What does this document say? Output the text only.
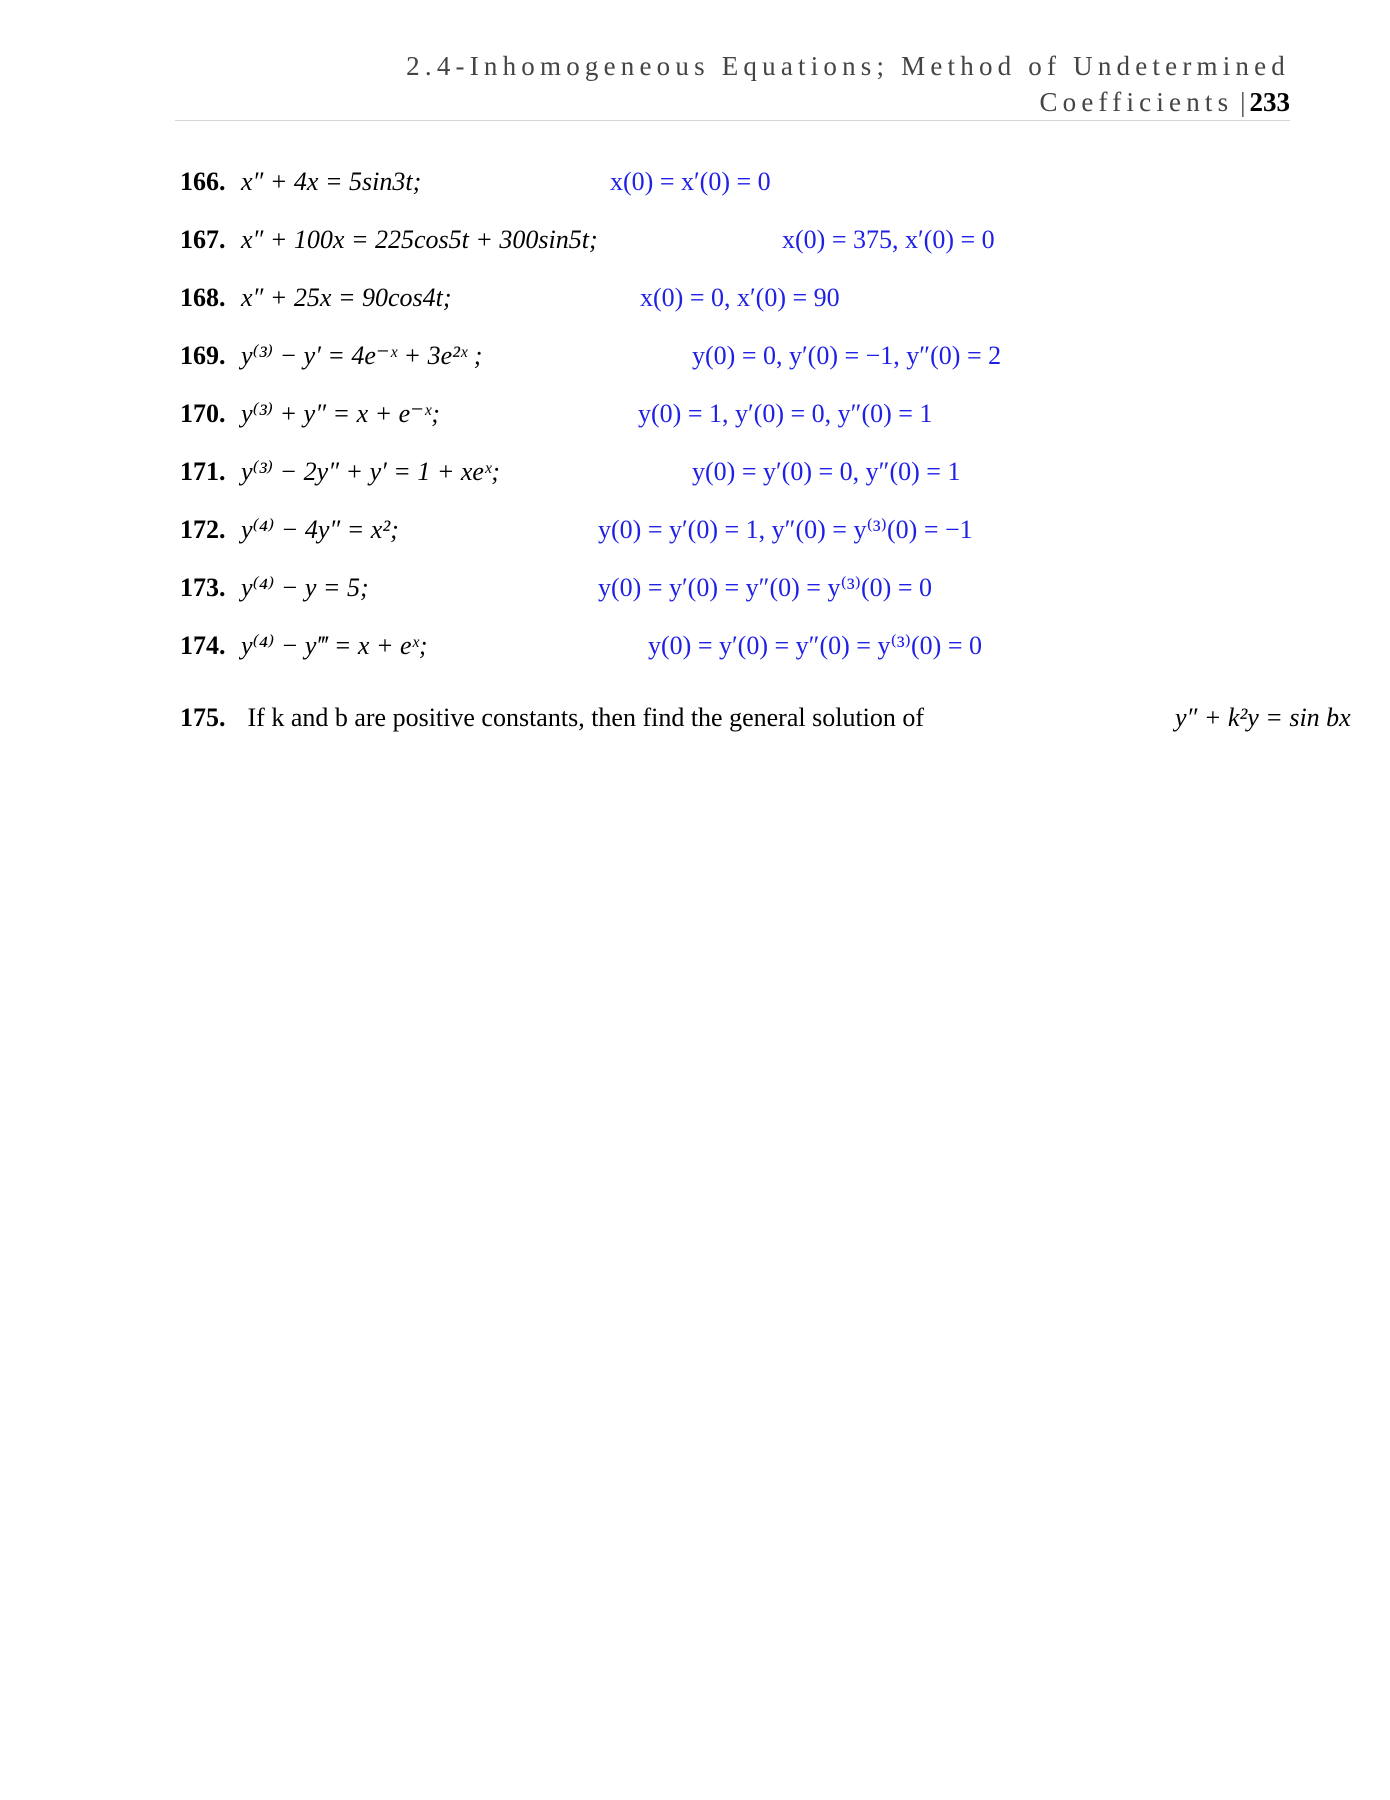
2.4-Inhomogeneous Equations; Method of Undetermined
Coefficients | 233
166. x″ + 4x = 5sin3t;	x(0) = x′(0) = 0
167. x″ + 100x = 225cos5t + 300sin5t;	x(0) = 375, x′(0) = 0
168. x″ + 25x = 90cos4t;	x(0) = 0, x′(0) = 90
169. y⁽³⁾ − y′ = 4e⁻ˣ + 3e²ˣ ;	y(0) = 0, y′(0) = −1, y″(0) = 2
170. y⁽³⁾ + y″ = x + e⁻ˣ;	y(0) = 1, y′(0) = 0, y″(0) = 1
171. y⁽³⁾ − 2y″ + y′ = 1 + xeˣ;	y(0) = y′(0) = 0, y″(0) = 1
172. y⁽⁴⁾ − 4y″ = x²;	y(0) = y′(0) = 1, y″(0) = y⁽³⁾(0) = −1
173. y⁽⁴⁾ − y = 5;	y(0) = y′(0) = y″(0) = y⁽³⁾(0) = 0
174. y⁽⁴⁾ − y‴ = x + eˣ;	y(0) = y′(0) = y″(0) = y⁽³⁾(0) = 0
175. If k and b are positive constants, then find the general solution of	y″ + k²y = sin bx
